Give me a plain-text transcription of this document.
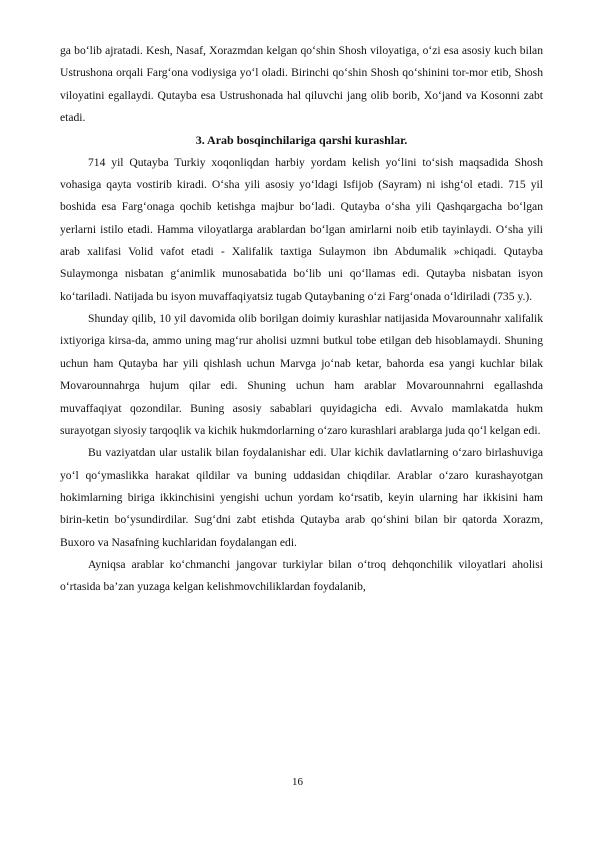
ga bo‘lib ajratadi. Kesh, Nasaf, Xorazmdan kelgan qo‘shin Shosh viloyatiga, o‘zi esa asosiy kuch bilan Ustrushona orqali Farg‘ona vodiysiga yo‘l oladi. Birinchi qo‘shin Shosh qo‘shinini tor-mor etib, Shosh viloyatini egallaydi. Qutayba esa Ustrushonada hal qiluvchi jang olib borib, Xo‘jand va Kosonni zabt etadi.

3. Arab bosqinchilariga qarshi kurashlar.

714 yil Qutayba Turkiy xoqonliqdan harbiy yordam kelish yo‘lini to‘sish maqsadida Shosh vohasiga qayta vostirib kiradi. O‘sha yili asosiy yo‘ldagi Isfijob (Sayram) ni ishg‘ol etadi. 715 yil boshida esa Farg‘onaga qochib ketishga majbur bo‘ladi. Qutayba o‘sha yili Qashqargacha bo‘lgan yerlarni istilo etadi. Hamma viloyatlarga arablardan bo‘lgan amirlarni noib etib tayinlaydi. O‘sha yili arab xalifasi Volid vafot etadi - Xalifalik taxtiga Sulaymon ibn Abdumalik »chiqadi. Qutayba Sulaymonga nisbatan g‘animlik munosabatida bo‘lib uni qo‘llamas edi. Qutayba nisbatan isyon ko‘tariladi. Natijada bu isyon muvaffaqiyatsiz tugab Qutaybaning o‘zi Farg‘onada o‘ldiriladi (735 y.).

Shunday qilib, 10 yil davomida olib borilgan doimiy kurashlar natijasida Movarounnahr xalifalik ixtiyoriga kirsa-da, ammo uning mag‘rur aholisi uzmni butkul tobe etilgan deb hisoblamaydi. Shuning uchun ham Qutayba har yili qishlash uchun Marvga jo‘nab ketar, bahorda esa yangi kuchlar bilak Movarounnahrga hujum qilar edi. Shuning uchun ham arablar Movarounnahrni egallashda muvaffaqiyat qozondilar. Buning asosiy sabablari quyidagicha edi. Avvalo mamlakatda hukm surayotgan siyosiy tarqoqlik va kichik hukmdorlarning o‘zaro kurashlari arablarga juda qo‘l kelgan edi.

Bu vaziyatdan ular ustalik bilan foydalanishar edi. Ular kichik davlatlarning o‘zaro birlashuviga yo‘l qo‘ymaslikka harakat qildilar va buning uddasidan chiqdilar. Arablar o‘zaro kurashayotgan hokimlarning biriga ikkinchisini yengishi uchun yordam ko‘rsatib, keyin ularning har ikkisini ham birin-ketin bo‘ysundirdilar. Sug‘dni zabt etishda Qutayba arab qo‘shini bilan bir qatorda Xorazm, Buxoro va Nasafning kuchlaridan foydalangan edi.

Ayniqsa arablar ko‘chmanchi jangovar turkiylar bilan o‘troq dehqonchilik viloyatlari aholisi o‘rtasida ba’zan yuzaga kelgan kelishmovchiliklardan foydalanib,

16
